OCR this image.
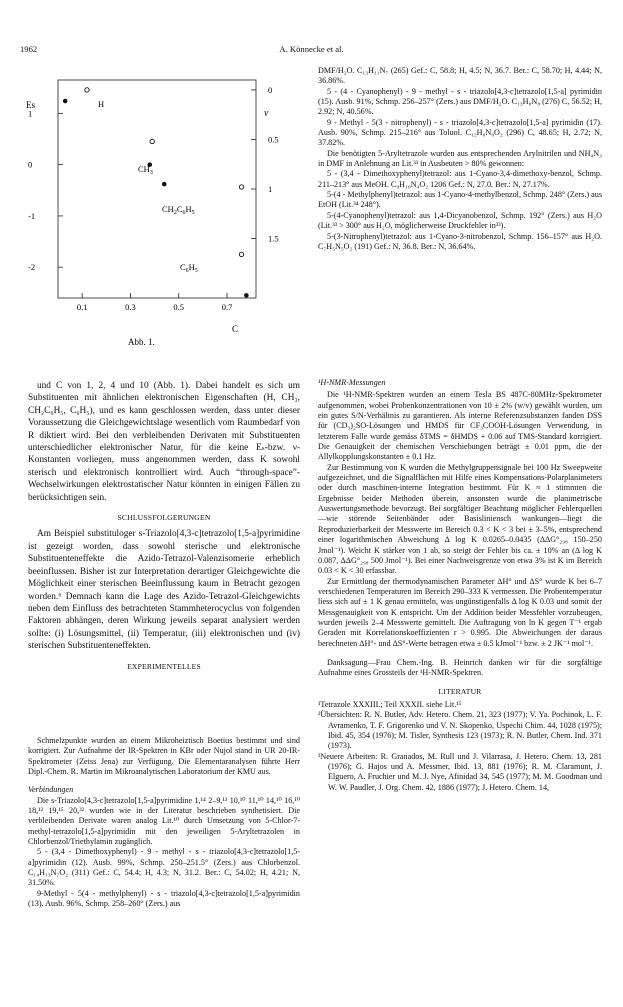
1962	A. Könnecke et al.
Es
ν
C
1
0
-1
-2
0
0.5
1
1.5
0.1	0.3	0.5	0.7
H
$CH_3$
$CH_2C_6H_5$
$C_6H_5$
Abb. 1.

und C von 1, 2, 4 und 10 (Abb. 1). Dabei handelt es sich um Substituenten mit ähnlichen elektronischen Eigenschaften (H, CH₃, CH₂C₆H₅, C₆H₅), und es kann geschlossen werden, dass unter dieser Voraussetzung die Gleichgewichtslage wesentlich vom Raumbedarf von R diktiert wird. Bei den verbleibenden Derivaten mit Substituenten unterschiedlicher elektronischer Natur, für die keine Eₛ-bzw. ν-Konstanten vorliegen, muss angenommen werden, dass K sowohl sterisch und elektronisch kontrolliert wird. Auch “through-space”-Wechselwirkungen elektrostatischer Natur könnten in einigen Fällen zu berücksichtigen sein.

SCHLUSSFOLGERUNGEN

Am Beispiel substituloger s-Triazolo[4,3-c]tetrazolo[1,5-a]pyrimidine ist gezeigt worden, dass sowohl sterische und elektronische Substituenteneffekte die Azido-Tetrazol-Valenzisomerie erheblich beeinflussen. Bisher ist zur Interpretation derartiger Gleichgewichte die Möglichkeit einer sterischen Beeinflussung kaum in Betracht gezogen worden.⁶ Demnach kann die Lage des Azido-Tetrazol-Gleichgewichts neben dem Einfluss des betrachteten Stammheterocyclus von folgenden Faktoren abhängen, deren Wirkung jeweils separat analysiert werden sollte: (i) Lösungsmittel, (ii) Temperatur, (iii) elektronischen und (iv) sterischen Substituenteneffekten.

EXPERIMENTELLES

Schmelzpunkte wurden an einem Mikroheiztisch Boetius bestimmt und sind korrigiert. Zur Aufnahme der IR-Spektren in KBr oder Nujol stand in UR 20-IR-Spektrometer (Zeiss Jena) zur Verfügung. Die Elementaranalysen führte Herr Dipl.-Chem. R. Martin im Mikroanalytischen Laboratorium der KMU aus.

Verbindungen

Die s-Triazolo[4,3-c]tetrazolo[1,5-a]pyrimidine 1,¹⁴ 2–9,¹³ 10,¹⁰ 11,¹⁰ 14,¹⁰ 16,¹⁰ 18,¹² 19,¹⁵ 20,³² wurden wie in der Literatur beschrieben synthetisiert. Die verbleibenden Derivate waren analog Lit.¹⁰ durch Umsetzung von 5-Chlor-7-methyl-tetrazolo[1,5-a]pyrimidin mit den jeweiligen 5-Aryltetrazolen in Chlorbenzol/Triethylamin zugänglich.

5 - (3,4 - Dimethoxyphenyl) - 9 - methyl - s - triazolo[4,3-c]tetrazolo[1,5-a]pyrimidin (12). Ausb. 99%, Schmp. 250–251.5° (Zers.) aus Chlorbenzol. C₁₄H₁₃N₇O₂ (311) Gef.: C, 54.4; H, 4.3; N, 31.2. Ber.: C, 54.02; H, 4.21; N, 31.50%.

9-Methyl - 5(4 - methylphenyl) - s - triazolo[4,3-c]tetrazolo[1,5-a]pyrimidin (13). Ausb. 96%, Schmp. 258–260° (Zers.) aus

DMF/H₂O. C₁₃H₁₁N₇ (265) Gef.: C, 58.8; H, 4.5; N, 36.7. Ber.: C, 58.70; H, 4.44; N, 36.86%.

5 - (4 - Cyanophenyl) - 9 - methyl - s - triazolo[4,3-c]tetrazolo[1,5-a] pyrimidin (15). Ausb. 91%, Schmp. 256–257° (Zers.) aus DMF/H₂O. C₁₃H₈N₈ (276) C, 56.52; H, 2.92; N, 40.56%.

9 - Methyl - 5(3 - nitrophenyl) - s - triazolo[4,3-c]tetrazolo[1,5-a] pyrimidin (17). Ausb. 90%, Schmp. 215–216° aus Toluol. C₁₂H₈N₈O₂ (296) C, 48.65; H, 2.72; N, 37.82%.

Die benötigten 5-Aryltetrazole wurden aus entsprechenden Arylnitrilen und NH₄N₃ in DMF in Anlehnung an Lit.³³ in Ausbeuten > 80% gewonnen:

5 - (3,4 - Dimethoxyphenyl)tetrazol: aus 1-Cyano-3,4-dimethoxy-benzol, Schmp. 211–213° aus MeOH. C₉H₁₀N₄O₂ 1206 Gef.: N, 27.0. Ber.: N, 27.17%.

5-(4 - Methylphenyl)tetrazol: aus 1-Cyano-4-methylbenzol, Schmp. 248° (Zers.) aus EtOH (Lit.³⁴ 248°).

5-(4-Cyanophenyl)tetrazol: aus 1,4-Dicyanobenzol, Schmp. 192° (Zers.) aus H₂O (Lit.³³ > 300° aus H₂O, möglicherweise Druckfehler in³³).

5-(3-Nitrophenyl)tetrazol: aus 1-Cyano-3-nitrobenzol, Schmp. 156–157° aus H₂O. C₇H₅N₅O₂ (191) Gef.: N, 36.8. Ber.: N, 36.64%.

¹H-NMR-Messungen

Die ¹H-NMR-Spektren wurden an einem Tesla BS 487C-80MHz-Spektrometer aufgenommen, wobei Probenkonzentrationen von 10 ± 2% (w/v) gewählt wurden, um ein gutes S/N-Verhältnis zu garantieren. Als interne Referenzsubstanzen fanden DSS für (CD₃)₂SO-Lösungen und HMDS für CF₃COOH-Lösungen Verwendung, in letzterem Falle wurde gemäss δTMS = δHMDS + 0.06 auf TMS-Standard korrigiert. Die Genauigkeit der chemischen Verschiebungen beträgt ± 0.01 ppm, die der Allylkopplungskonstanten ± 0.1 Hz.

Zur Bestimmung von K wurden die Methylgruppensignale bei 100 Hz Sweepweite aufgezeichnet, und die Signalflächen mit Hilfe eines Kompensations-Polarplanimeters oder durch maschinen-interne Integration bestimmt. Für K ≈ 1 stimmten die Ergebnisse beider Methoden überein, ansonsten wurde die planimetrische Auswertungsmethode bevorzugt. Bei sorgfältiger Beachtung möglicher Fehlerquellen—wie störende Seitenbänder oder Basisliniensch wankungen—liegt die Reproduzierbarkeit der Messwerte im Bereich 0.3 < K < 3 bei ± 3–5%, entsprechend einer logarithmischen Abweichung Δ log K 0.0265–0.0435 (ΔΔG°₂₉₈ 150–250 Jmol⁻¹). Weicht K stärker von 1 ab, so steigt der Fehler bis ca. ± 10% an (Δ log K 0.087, ΔΔG°₂₉₈ 500 Jmol⁻¹). Bei einer Nachweisgrenze von etwa 3% ist K im Bereich 0.03 < K < 30 erfassbar.

Zur Ermittlung der thermodynamischen Parameter ΔH° und ΔS° wurde K bei 6–7 verschiedenen Temperaturen im Bereich 290–333 K vermessen. Die Probentemperatur liess sich auf ± 1 K genau ermitteln, was ungünstigenfalls Δ log K 0.03 und somit der Messgenauigkeit von K entspricht. Um der Addition beider Messfehler vorzubeugen, wurden jeweils 2–4 Messwerte gemittelt. Die Auftragung von ln K gegen T⁻¹ ergab Geraden mit Korrelationskoeffizienten r > 0.995. Die Abweichungen der daraus berechneten ΔH°- und ΔS°-Werte betragen etwa ± 0.5 kJmol⁻¹ bzw. ± 2 JK⁻¹ mol⁻¹.

Danksagung—Frau Chem.-Ing. B. Heinrich danken wir für die sorgfältige Aufnahme eines Grossteils der ¹H-NMR-Spektren.

LITERATUR

¹Tetrazole XXXIII.; Teil XXXII. siehe Lit.¹⁵

²Übersichten: R. N. Butler, Adv. Hetero. Chem. 21, 323 (1977); V. Ya. Pochinok, L. F. Avramenko, T. F. Grigorenko und V. N. Skopenko, Uspechi Chim. 44, 1028 (1975); Ibid. 45, 354 (1976); M. Tisler, Synthesis 123 (1973); R. N. Butler, Chem. Ind. 371 (1973).

³Neuere Arbeiten: R. Granados, M. Rull und J. Vilarrasa, J. Hetero. Chem. 13, 281 (1976); G. Hajos und A. Messmer, Ibid. 13, 881 (1976); R. M. Claramunt, J. Elguero, A. Fruchier und M. J. Nye, Afinidad 34, 545 (1977); M. M. Goodman und W. W. Paudler, J. Org. Chem. 42, 1886 (1977); J. Hetero. Chem. 14,
